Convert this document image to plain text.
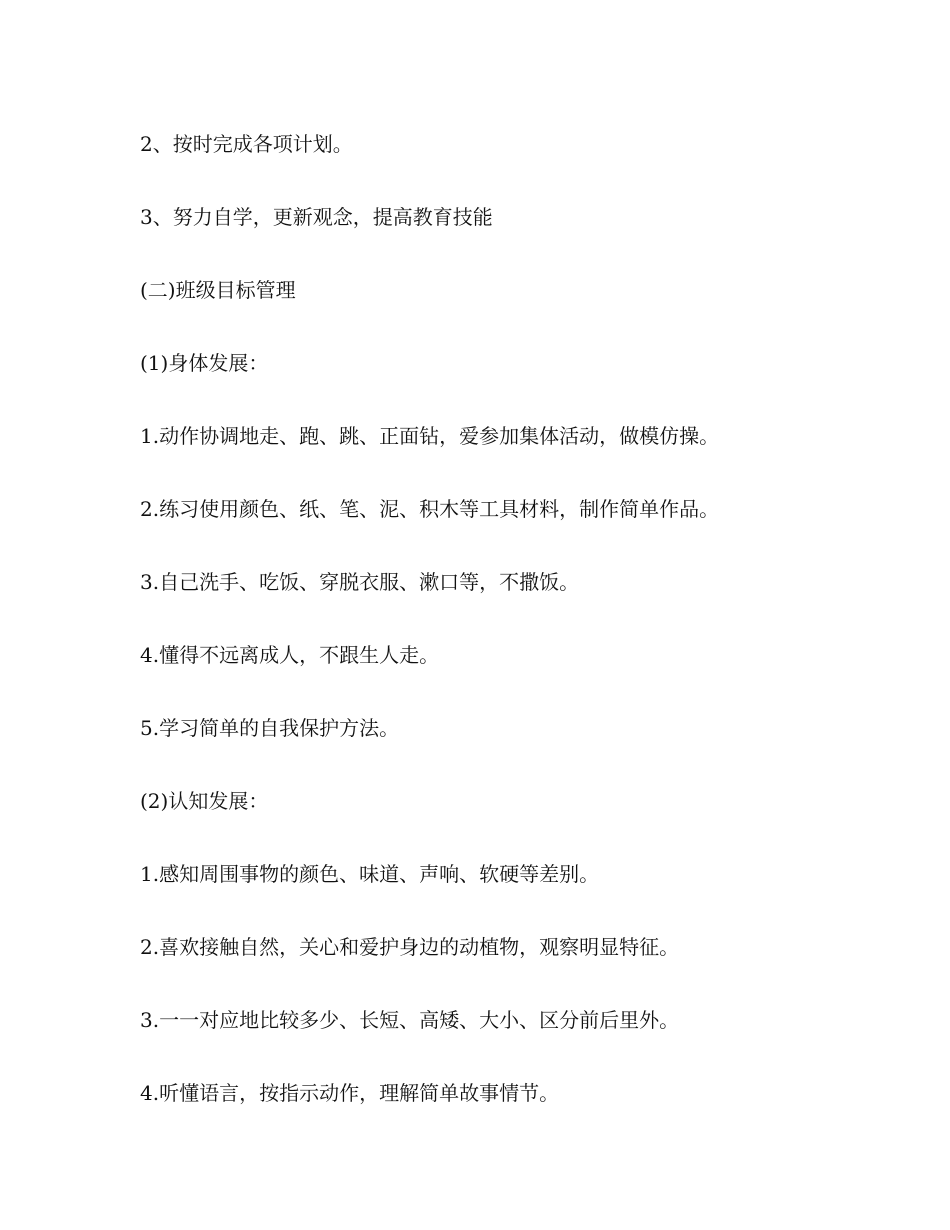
2、按时完成各项计划。
3、努力自学，更新观念，提高教育技能
(二)班级目标管理
(1)身体发展：
1.动作协调地走、跑、跳、正面钻，爱参加集体活动，做模仿操。
2.练习使用颜色、纸、笔、泥、积木等工具材料，制作简单作品。
3.自己洗手、吃饭、穿脱衣服、漱口等，不撒饭。
4.懂得不远离成人，不跟生人走。
5.学习简单的自我保护方法。
(2)认知发展：
1.感知周围事物的颜色、味道、声响、软硬等差别。
2.喜欢接触自然，关心和爱护身边的动植物，观察明显特征。
3.一一对应地比较多少、长短、高矮、大小、区分前后里外。
4.听懂语言，按指示动作，理解简单故事情节。
